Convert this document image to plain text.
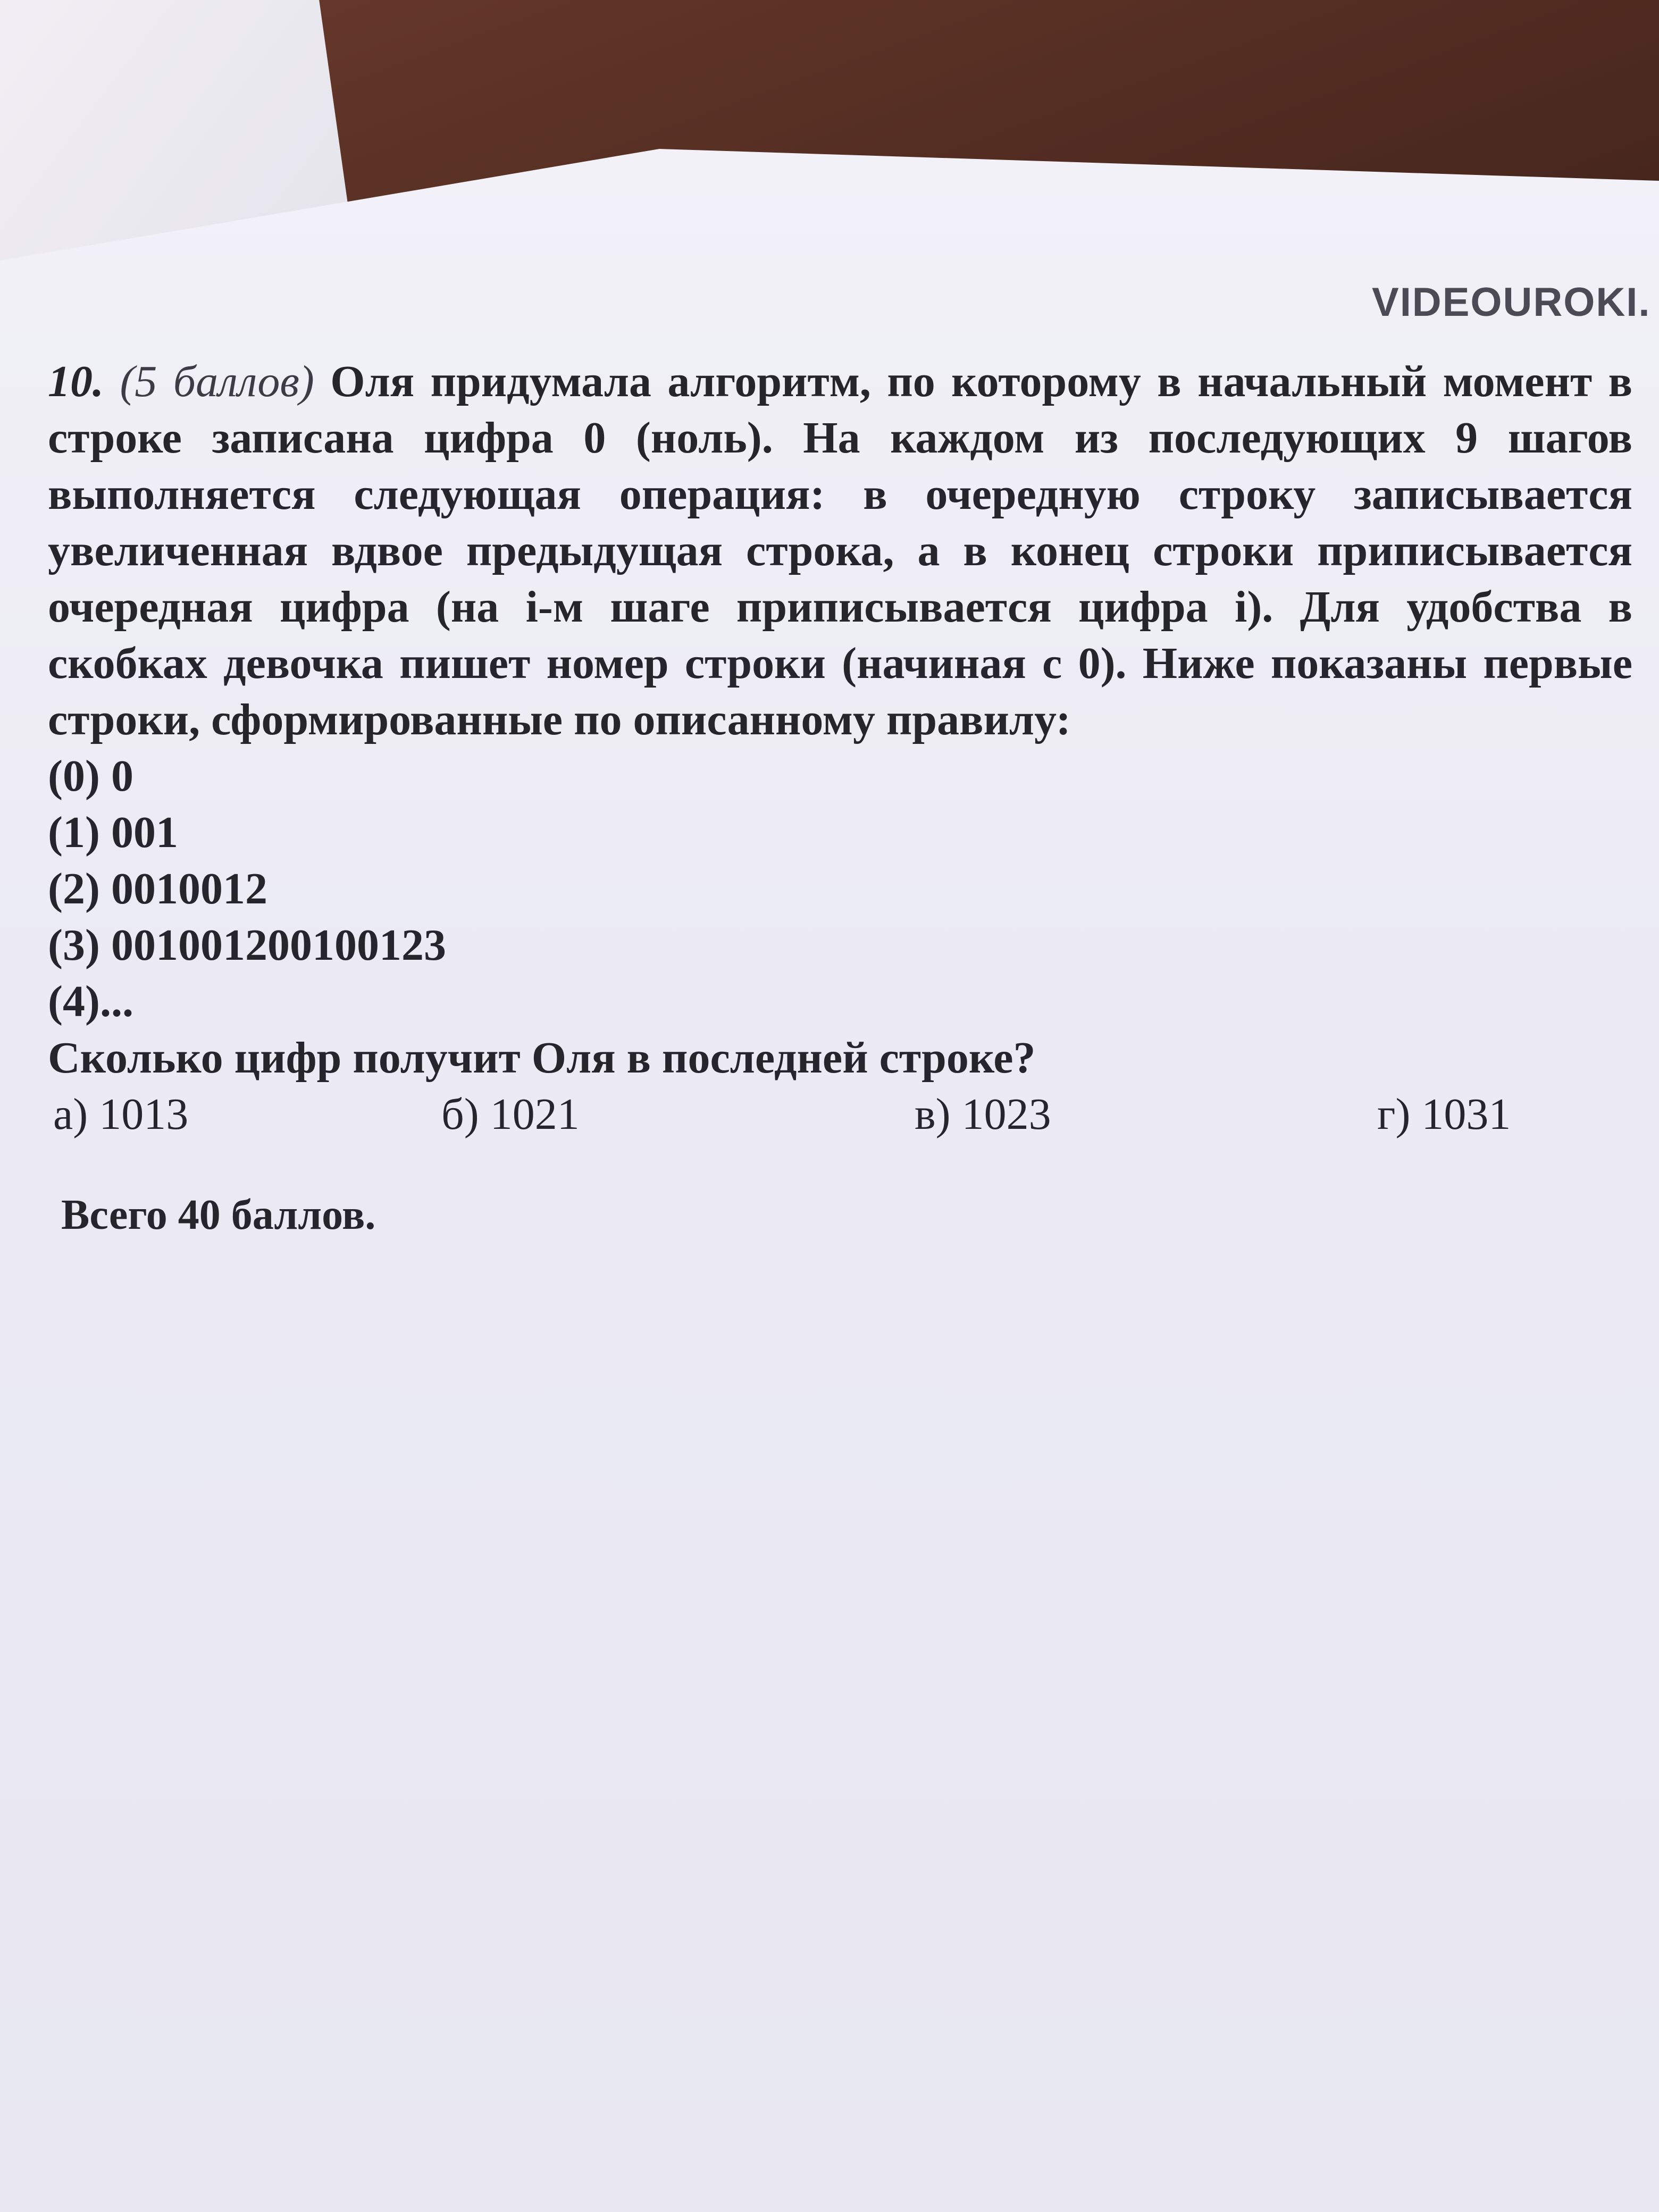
VIDEOUROKI.
10. (5 баллов) Оля придумала алгоритм, по которому в начальный момент в строке записана цифра 0 (ноль). На каждом из последующих 9 шагов выполняется следующая операция: в очередную строку записывается увеличенная вдвое предыдущая строка, а в конец строки приписывается очередная цифра (на i-м шаге приписывается цифра i). Для удобства в скобках девочка пишет номер строки (начиная с 0). Ниже показаны первые строки, сформированные по описанному правилу:
(0) 0
(1) 001
(2) 0010012
(3) 001001200100123
(4)...
Сколько цифр получит Оля в последней строке?
а) 1013	б) 1021	в) 1023	г) 1031
Всего 40 баллов.
